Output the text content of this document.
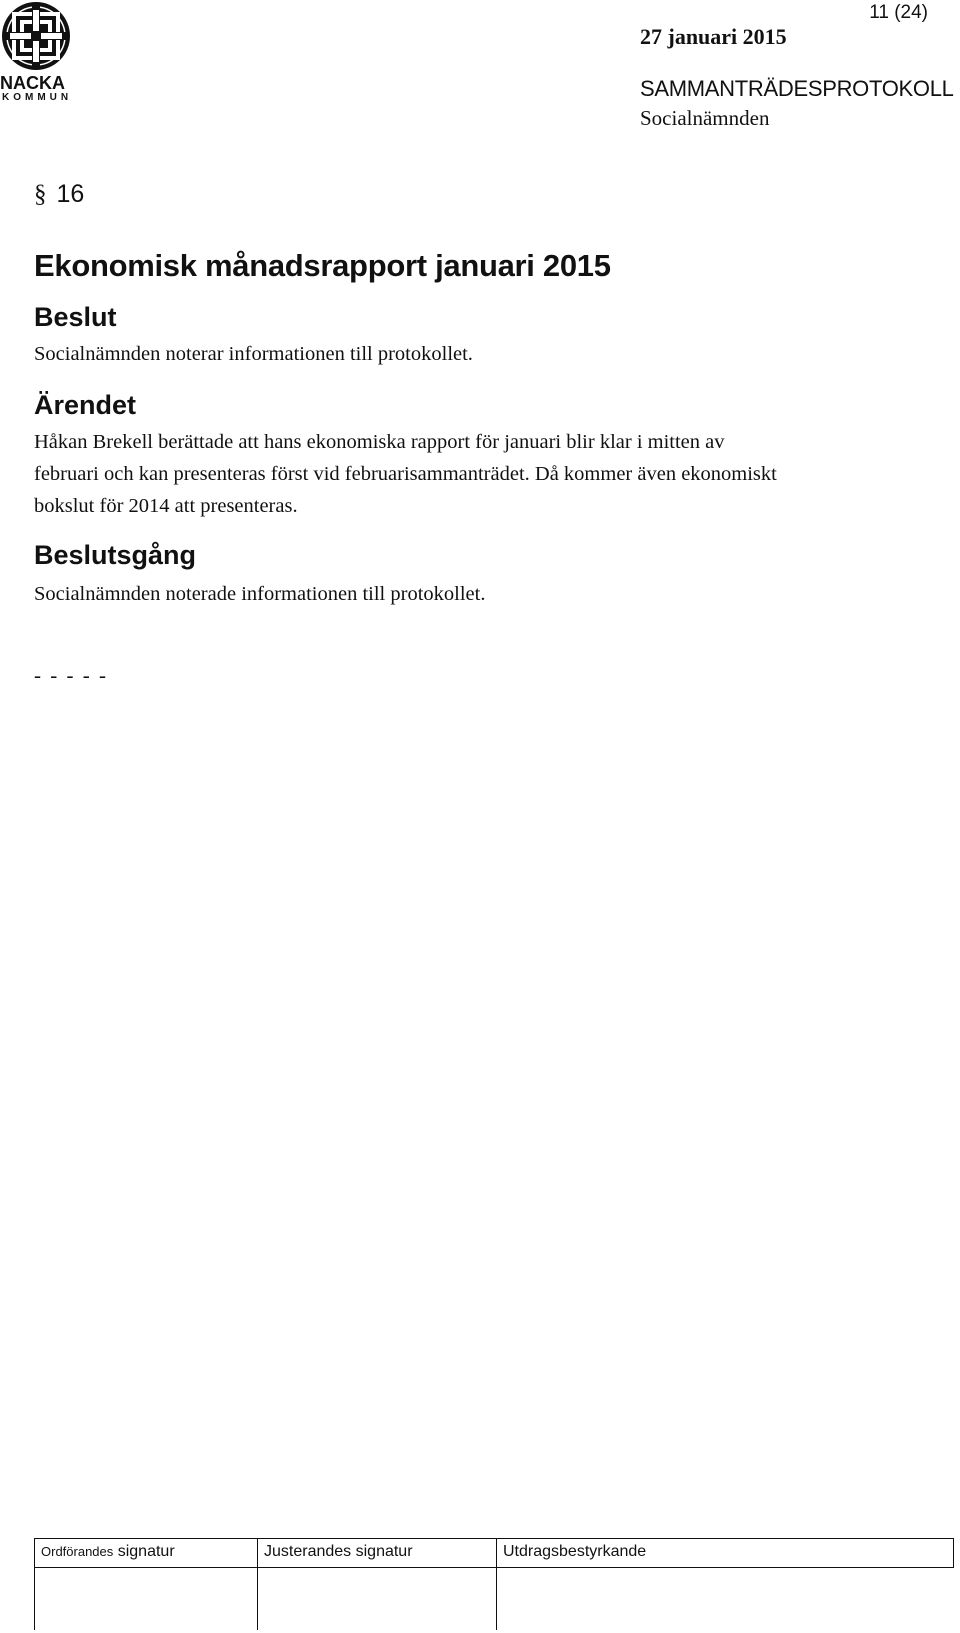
NACKA
KOMMUN
11 (24)
27 januari 2015
SAMMANTRÄDESPROTOKOLL
Socialnämnden
§ 16
Ekonomisk månadsrapport januari 2015
Beslut

Socialnämnden noterar informationen till protokollet.

Ärendet

Håkan Brekell berättade att hans ekonomiska rapport för januari blir klar i mitten av

februari och kan presenteras först vid februarisammanträdet. Då kommer även ekonomiskt

bokslut för 2014 att presenteras.

Beslutsgång

Socialnämnden noterade informationen till protokollet.

- - - - -
Ordförandes signatur	Justerandes signatur	Utdragsbestyrkande
